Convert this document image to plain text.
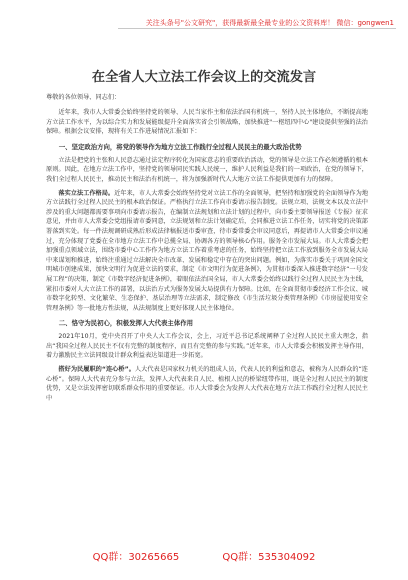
关注头条号"公文研究"，获得最新最全最专业的公文资料库！ 微信：gongwen1
在全省人大立法工作会议上的交流发言

尊敬的各位领导、同志们：

近年来，我市人大常委会始终坚持党的领导、人民当家作主和依法治国有机统一，坚持人民主体地位，不断提高地方立法工作水平，为以综合实力和发展能级提升全面落实省会引领战略，加快推进"一枢纽四中心"建设提供坚强的法治保障。根据会议安排，现将有关工作进展情况汇报如下：

一、坚定政治方向，将党的领导作为地方立法工作践行全过程人民民主的最大政治优势

立法是把党的主张和人民意志通过法定程序转化为国家意志的重要政治活动，党的领导是立法工作必须遵循的根本原则。因此，在地方立法工作中，坚持党的领导同民实践人民统一，维护人民利益是我们的一项政治，在党的领导下，我们全过程人民民主，推动民主和法治有机统一，将为加强新时代人大地方立法工作提供更加有力的保障。

落实立法工作格局。近年来，市人大常委会始终坚持党对立法工作的全面领导，把坚持和加强党的全面领导作为地方立法践行全过程人民民主的根本政治保证。严格执行立法工作向市委请示报告制度。法规立项、法规文本以及立法中涉及的重大问题都需要事项向市委请示报告，在编制立法规划和立法计划的过程中，向市委主要领导报送《专报》征求意见，并由市人大常委会党组报请市委同意，立法规划和立法计划确定后，会同推进立法工作任务，切实将党的决策部署落到实处。每一件法规调研成熟后形成法律稿报送市委审查，待市委常委会审议同意后，再提请市人大常委会审议通过，充分体现了党委在全市地方立法工作中总揽全局、协调各方的领导核心作用。服务全市发展大局。市人大常委会把加强重点领域立法，围绕市委中心工作作为地方立法工作着重考虑的任务，始终坚持把立法工作放到服务全市发展大局中来谋划和推进，始终注重通过立法解决全市改革、发展和稳定中存在的突出问题。例如，为落实市委关于巩固全国文明城市创建成果，加快文明行为促进立法的要求，制定《市文明行为促进条例》，为贯彻市委深入推进数字经济“一号发展工程”的决策，制定《市数字经济促进条例》，着眼依法治国全局，市人大常委会始终以践行全过程人民民主为主线，紧扣市委对人大立法工作的部署，以法治方式为服务发展大局提供有力保障。比如，在全面贯彻市委经济工作会议、城市数字化转型、文化繁荣、生态保护、基层治理等立法需求，制定修改《市生活垃圾分类管理条例》《市房屋使用安全管理条例》等一批地方性法规，从法规制度上更好体现人民主体地位。

二、恪守为民初心，积极发挥人大代表主体作用

2021年10月，党中央召开了中央人大工作会议，会上，习近平总书记系统阐释了全过程人民民主重大理念，指出“我国全过程人民民主不仅有完整的制度程序，而且有完整的参与实践。”近年来，市人大常委会积极发挥主导作用，着力激励民主立法同级设计群众利益表达渠道进一步拓宽。

搭好为民履职的“连心桥”。人大代表是国家权力机关的组成人员，代表人民的利益和意志，被称为人民群众的“连心桥”。保障人大代表充分参与立法，发挥人大代表来自人民、植根人民的桥梁纽带作用，既是全过程人民民主的制度优势，又是立法发挥密切联系群众作用的重要保证。市人大常委会为发挥人大代表在地方立法工作践行全过程人民民主中

QQ群：30265665	QQ群：535304092
